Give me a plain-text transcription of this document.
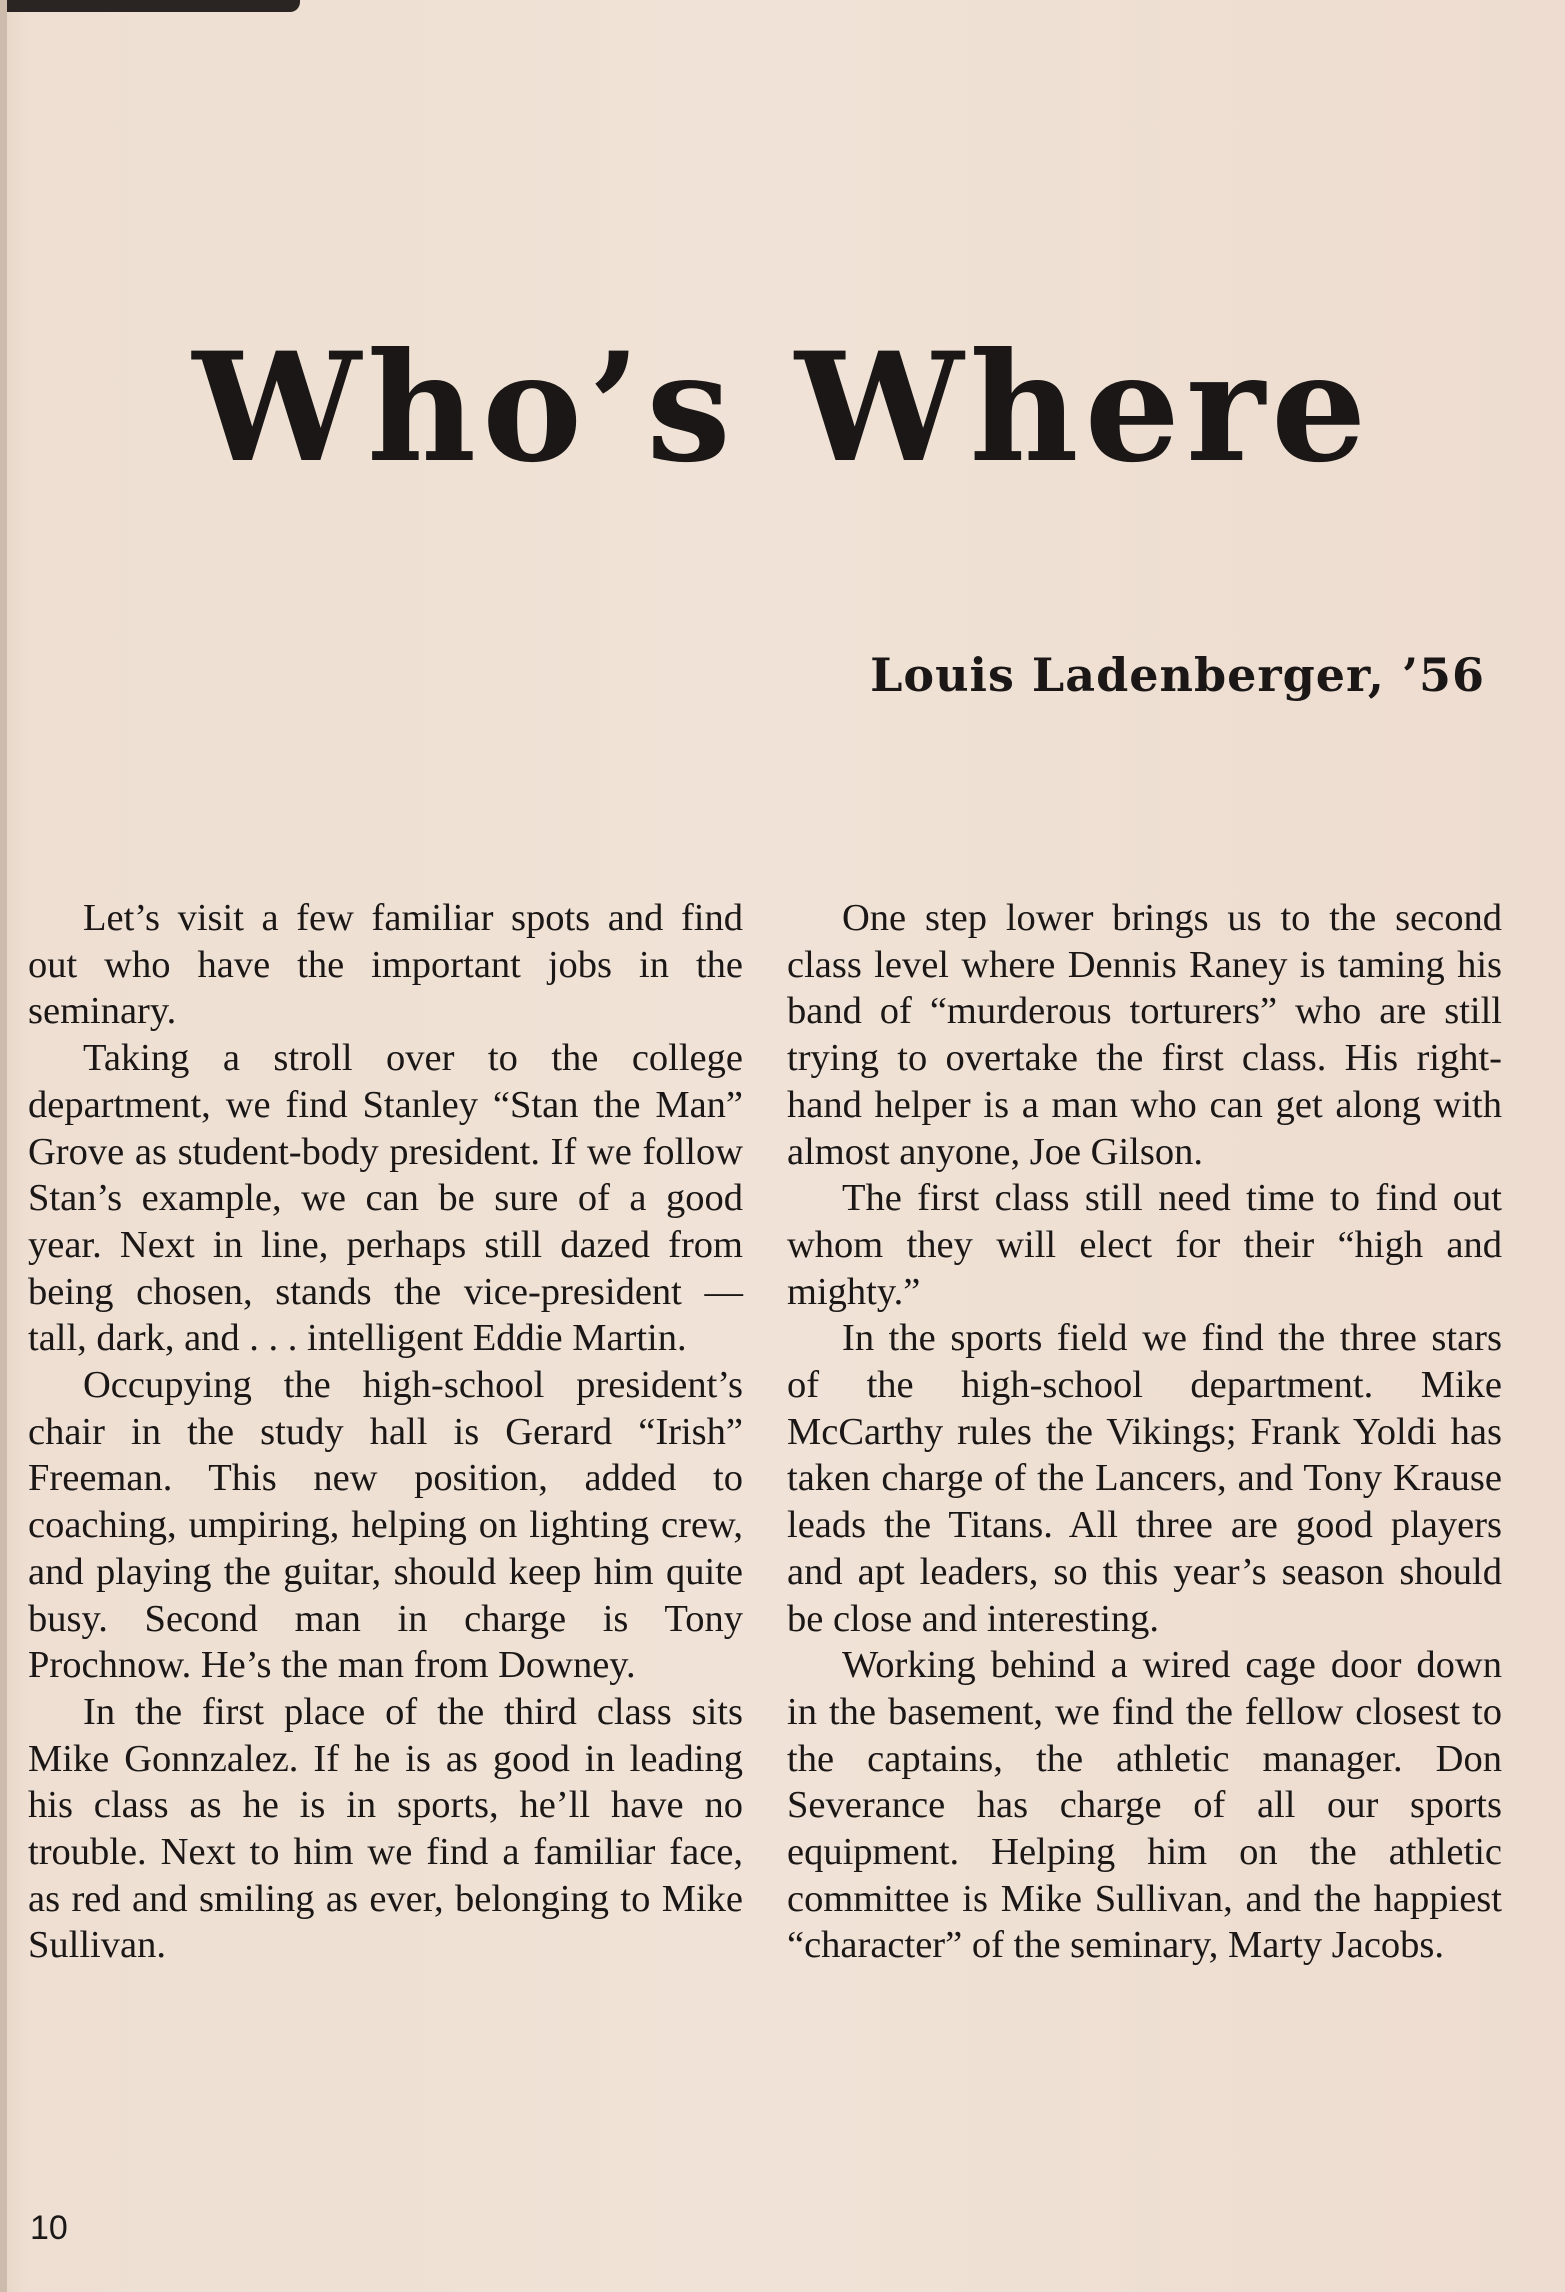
Who’s Where
Louis Ladenberger, ’56

Let’s visit a few familiar spots and find out who have the important jobs in the seminary.

Taking a stroll over to the college department, we find Stanley “Stan the Man” Grove as student-body president. If we follow Stan’s example, we can be sure of a good year. Next in line, perhaps still dazed from being chosen, stands the vice-president — tall, dark, and . . . intelligent Eddie Martin.

Occupying the high-school president’s chair in the study hall is Gerard “Irish” Freeman. This new position, added to coaching, umpiring, helping on lighting crew, and playing the guitar, should keep him quite busy. Second man in charge is Tony Prochnow. He’s the man from Downey.

In the first place of the third class sits Mike Gonnzalez. If he is as good in leading his class as he is in sports, he’ll have no trouble. Next to him we find a familiar face, as red and smiling as ever, belonging to Mike Sullivan.

One step lower brings us to the second class level where Dennis Raney is taming his band of “murderous torturers” who are still trying to overtake the first class. His right-hand helper is a man who can get along with almost anyone, Joe Gilson.

The first class still need time to find out whom they will elect for their “high and mighty.”

In the sports field we find the three stars of the high-school department. Mike McCarthy rules the Vikings; Frank Yoldi has taken charge of the Lancers, and Tony Krause leads the Titans. All three are good players and apt leaders, so this year’s season should be close and interesting.

Working behind a wired cage door down in the basement, we find the fellow closest to the captains, the athletic manager. Don Severance has charge of all our sports equipment. Helping him on the athletic committee is Mike Sullivan, and the happiest “character” of the seminary, Marty Jacobs.

10
